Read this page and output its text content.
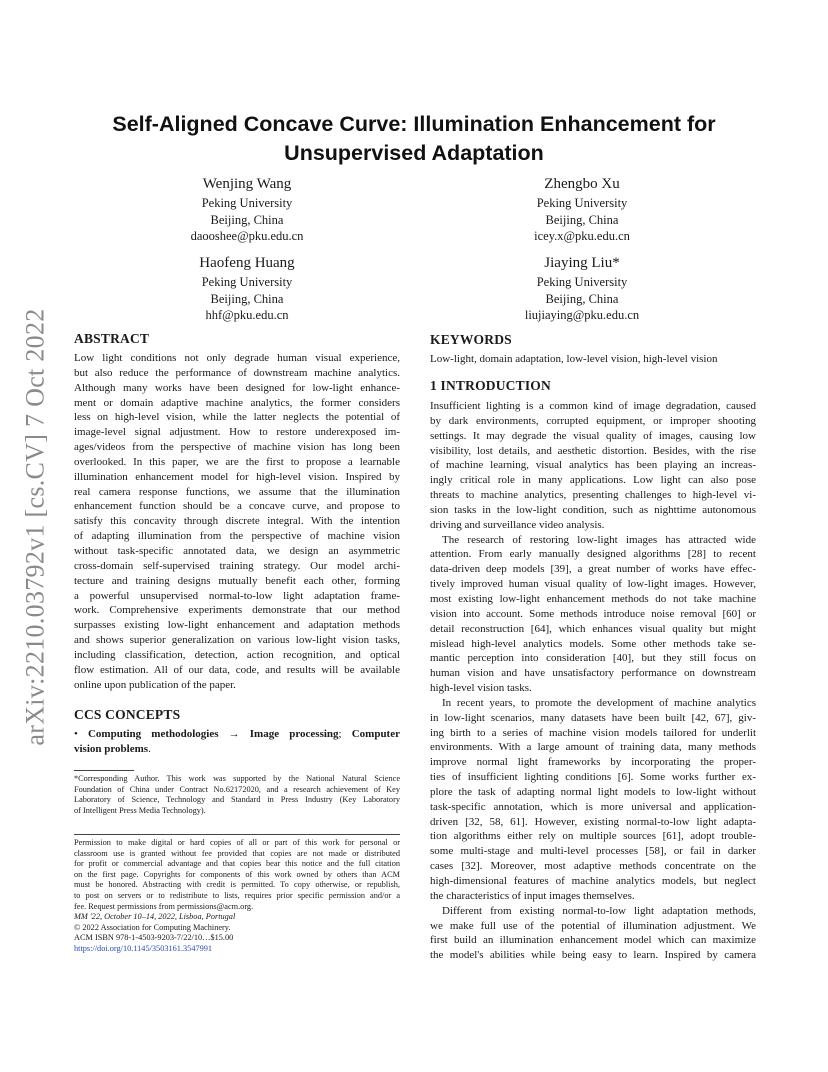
arXiv:2210.03792v1 [cs.CV] 7 Oct 2022
Self-Aligned Concave Curve: Illumination Enhancement for
Unsupervised Adaptation
Wenjing Wang
Peking University
Beijing, China
daooshee@pku.edu.cn
Zhengbo Xu
Peking University
Beijing, China
icey.x@pku.edu.cn
Haofeng Huang
Peking University
Beijing, China
hhf@pku.edu.cn
Jiaying Liu*
Peking University
Beijing, China
liujiaying@pku.edu.cn
ABSTRACT

Low light conditions not only degrade human visual experience,
but also reduce the performance of downstream machine analytics.
Although many works have been designed for low-light enhance-
ment or domain adaptive machine analytics, the former considers
less on high-level vision, while the latter neglects the potential of
image-level signal adjustment. How to restore underexposed im-
ages/videos from the perspective of machine vision has long been
overlooked. In this paper, we are the first to propose a learnable
illumination enhancement model for high-level vision. Inspired by
real camera response functions, we assume that the illumination
enhancement function should be a concave curve, and propose to
satisfy this concavity through discrete integral. With the intention
of adapting illumination from the perspective of machine vision
without task-specific annotated data, we design an asymmetric
cross-domain self-supervised training strategy. Our model archi-
tecture and training designs mutually benefit each other, forming
a powerful unsupervised normal-to-low light adaptation frame-
work. Comprehensive experiments demonstrate that our method
surpasses existing low-light enhancement and adaptation methods
and shows superior generalization on various low-light vision tasks,
including classification, detection, action recognition, and optical
flow estimation. All of our data, code, and results will be available
online upon publication of the paper.

CCS CONCEPTS
• Computing methodologies → Image processing; Computer
vision problems.
*Corresponding Author. This work was supported by the National Natural Science
Foundation of China under Contract No.62172020, and a research achievement of Key
Laboratory of Science, Technology and Standard in Press Industry (Key Laboratory
of Intelligent Press Media Technology).
Permission to make digital or hard copies of all or part of this work for personal or
classroom use is granted without fee provided that copies are not made or distributed
for profit or commercial advantage and that copies bear this notice and the full citation
on the first page. Copyrights for components of this work owned by others than ACM
must be honored. Abstracting with credit is permitted. To copy otherwise, or republish,
to post on servers or to redistribute to lists, requires prior specific permission and/or a
fee. Request permissions from permissions@acm.org.
MM '22, October 10–14, 2022, Lisboa, Portugal
© 2022 Association for Computing Machinery.
ACM ISBN 978-1-4503-9203-7/22/10…$15.00
https://doi.org/10.1145/3503161.3547991
KEYWORDS

Low-light, domain adaptation, low-level vision, high-level vision

1 INTRODUCTION

Insufficient lighting is a common kind of image degradation, caused
by dark environments, corrupted equipment, or improper shooting
settings. It may degrade the visual quality of images, causing low
visibility, lost details, and aesthetic distortion. Besides, with the rise
of machine learning, visual analytics has been playing an increas-
ingly critical role in many applications. Low light can also pose
threats to machine analytics, presenting challenges to high-level vi-
sion tasks in the low-light condition, such as nighttime autonomous
driving and surveillance video analysis.

The research of restoring low-light images has attracted wide
attention. From early manually designed algorithms [28] to recent
data-driven deep models [39], a great number of works have effec-
tively improved human visual quality of low-light images. However,
most existing low-light enhancement methods do not take machine
vision into account. Some methods introduce noise removal [60] or
detail reconstruction [64], which enhances visual quality but might
mislead high-level analytics models. Some other methods take se-
mantic perception into consideration [40], but they still focus on
human vision and have unsatisfactory performance on downstream
high-level vision tasks.

In recent years, to promote the development of machine analytics
in low-light scenarios, many datasets have been built [42, 67], giv-
ing birth to a series of machine vision models tailored for underlit
environments. With a large amount of training data, many methods
improve normal light frameworks by incorporating the proper-
ties of insufficient lighting conditions [6]. Some works further ex-
plore the task of adapting normal light models to low-light without
task-specific annotation, which is more universal and application-
driven [32, 58, 61]. However, existing normal-to-low light adapta-
tion algorithms either rely on multiple sources [61], adopt trouble-
some multi-stage and multi-level processes [58], or fail in darker
cases [32]. Moreover, most adaptive methods concentrate on the
high-dimensional features of machine analytics models, but neglect
the characteristics of input images themselves.

Different from existing normal-to-low light adaptation methods,
we make full use of the potential of illumination adjustment. We
first build an illumination enhancement model which can maximize
the model's abilities while being easy to learn. Inspired by camera
